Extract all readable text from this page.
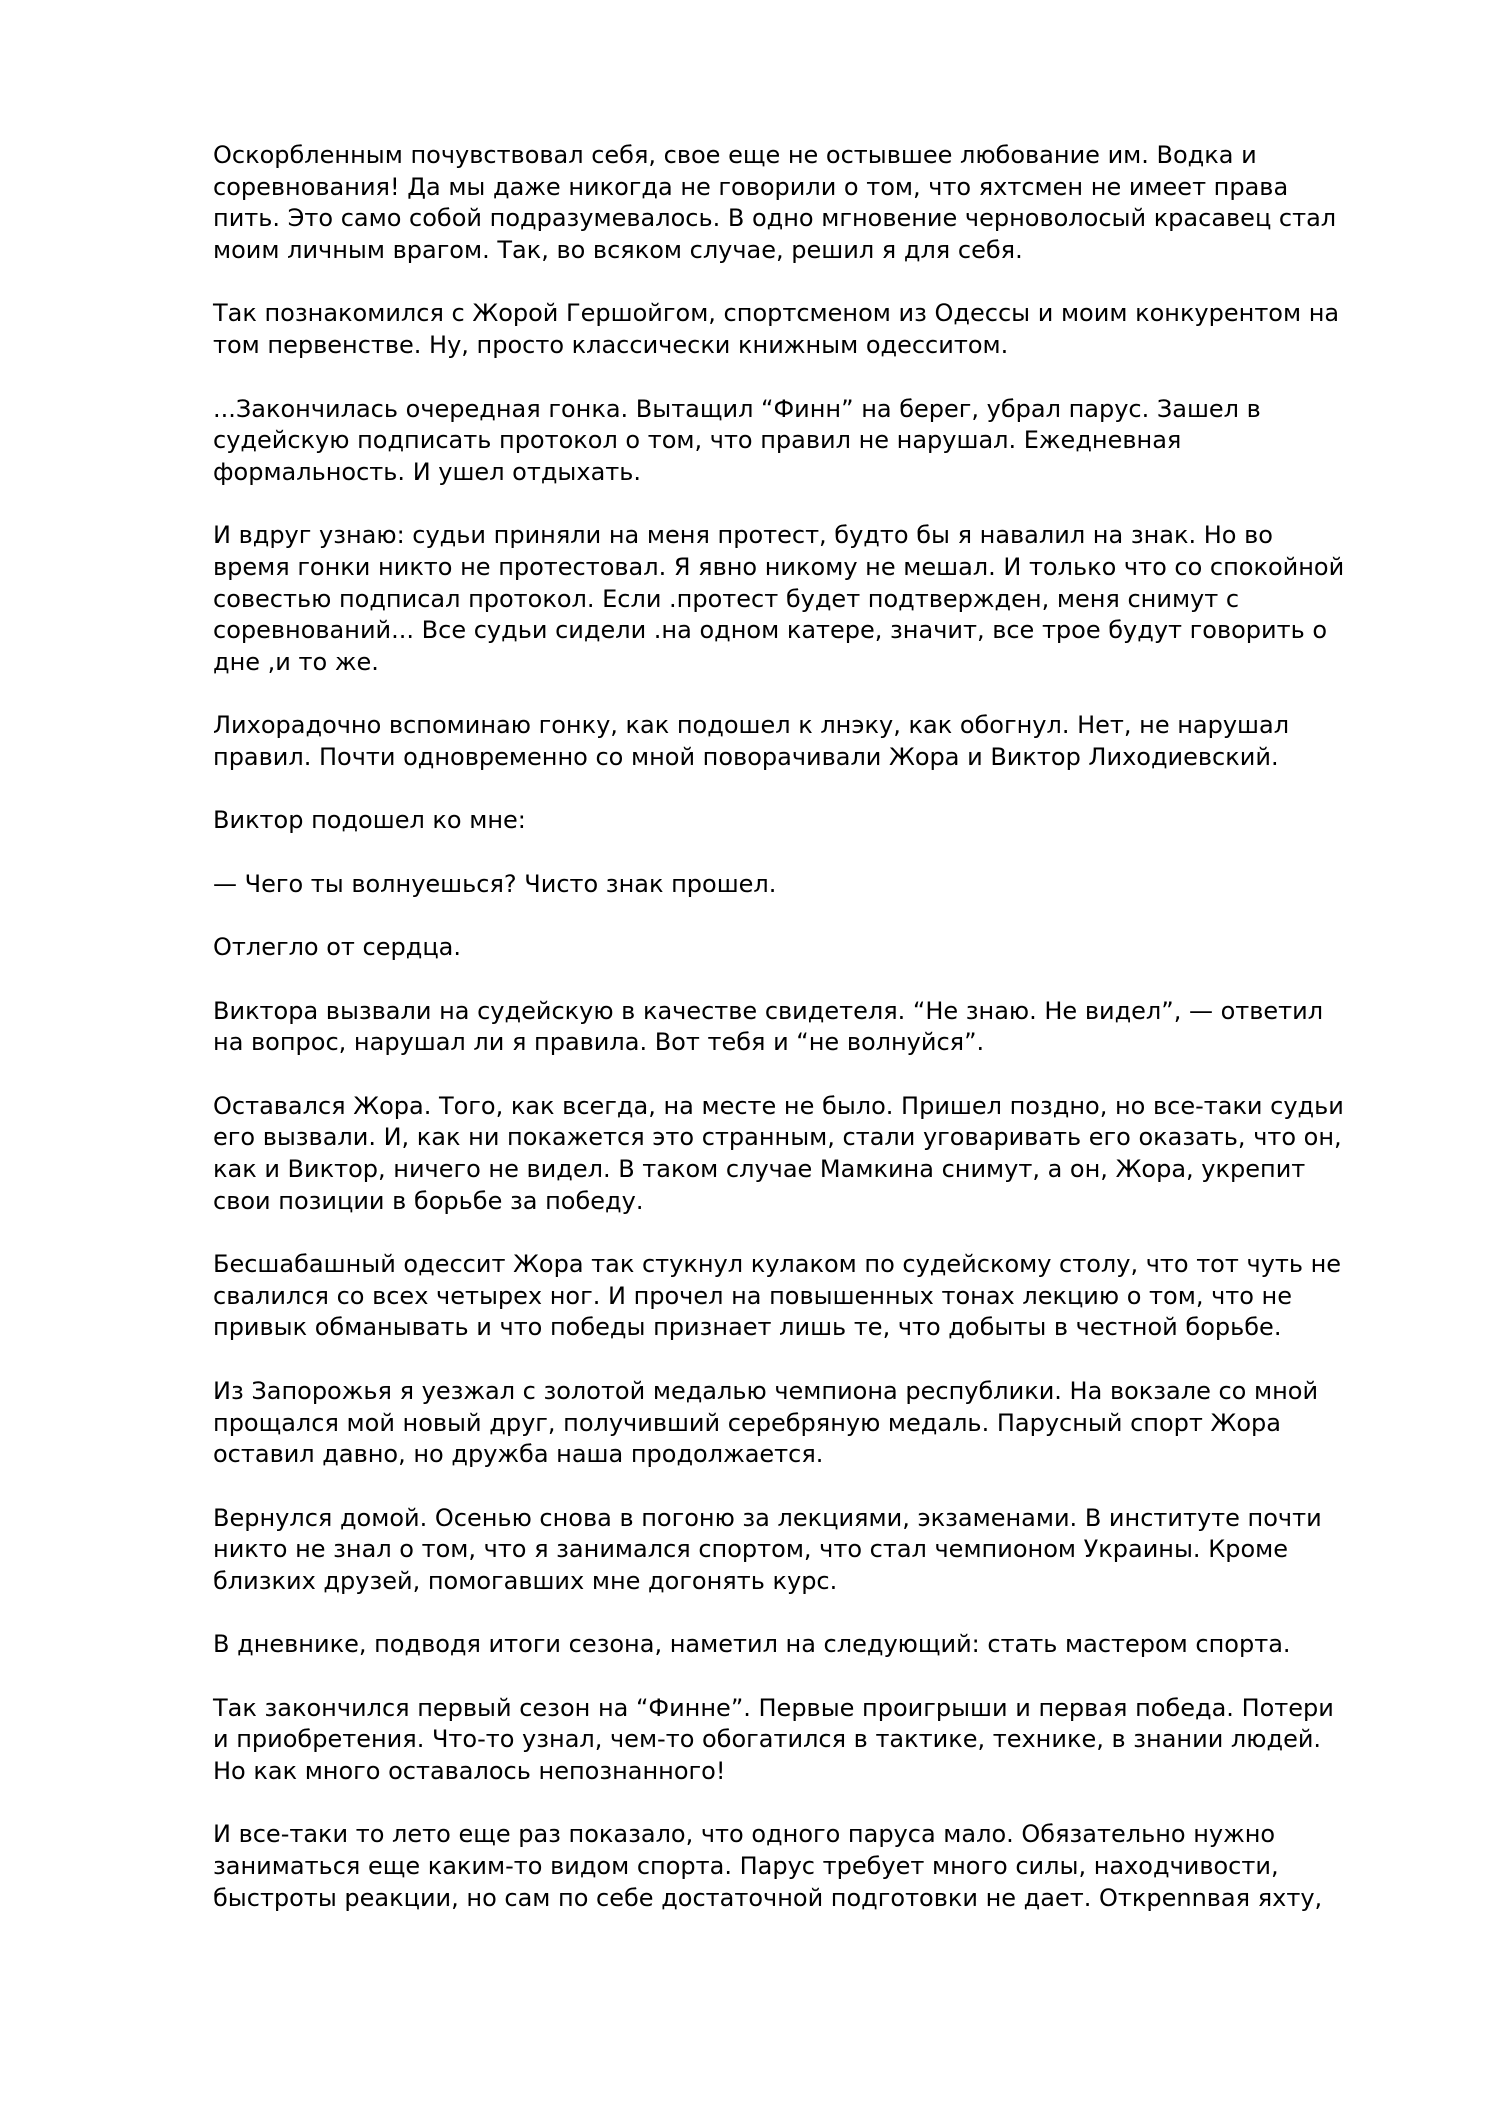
Оскорбленным почувствовал себя, свое еще не остывшее любование им. Водка и
соревнования! Да мы даже никогда не говорили о том, что яхтсмен не имеет права
пить. Это само собой подразумевалось. В одно мгновение черноволосый красавец стал
моим личным врагом. Так, во всяком случае, решил я для себя.

Так познакомился с Жорой Гершойгом, спортсменом из Одессы и моим конкурентом на
том первенстве. Ну, просто классически книжным одесситом.

...Закончилась очередная гонка. Вытащил “Финн” на берег, убрал парус. Зашел в
судейскую подписать протокол о том, что правил не нарушал. Ежедневная
формальность. И ушел отдыхать.

И вдруг узнаю: судьи приняли на меня протест, будто бы я навалил на знак. Но во
время гонки никто не протестовал. Я явно никому не мешал. И только что со спокойной
совестью подписал протокол. Если .протест будет подтвержден, меня снимут с
соревнований... Все судьи сидели .на одном катере, значит, все трое будут говорить о
дне ,и то же.

Лихорадочно вспоминаю гонку, как подошел к лнэку, как обогнул. Нет, не нарушал
правил. Почти одновременно со мной поворачивали Жора и Виктор Лиходиевский.

Виктор подошел ко мне:

— Чего ты волнуешься? Чисто знак прошел.

Отлегло от сердца.

Виктора вызвали на судейскую в качестве свидетеля. “Не знаю. Не видел”, — ответил
на вопрос, нарушал ли я правила. Вот тебя и “не волнуйся”.

Оставался Жора. Того, как всегда, на месте не было. Пришел поздно, но все-таки судьи
его вызвали. И, как ни покажется это странным, стали уговаривать его оказать, что он,
как и Виктор, ничего не видел. В таком случае Мамкина снимут, а он, Жора, укрепит
свои позиции в борьбе за победу.

Бесшабашный одессит Жора так стукнул кулаком по судейскому столу, что тот чуть не
свалился со всех четырех ног. И прочел на повышенных тонах лекцию о том, что не
привык обманывать и что победы признает лишь те, что добыты в честной борьбе.

Из Запорожья я уезжал с золотой медалью чемпиона республики. На вокзале со мной
прощался мой новый друг, получивший серебряную медаль. Парусный спорт Жора
оставил давно, но дружба наша продолжается.

Вернулся домой. Осенью снова в погоню за лекциями, экзаменами. В институте почти
никто не знал о том, что я занимался спортом, что стал чемпионом Украины. Кроме
близких друзей, помогавших мне догонять курс.

В дневнике, подводя итоги сезона, наметил на следующий: стать мастером спорта.

Так закончился первый сезон на “Финне”. Первые проигрыши и первая победа. Потери
и приобретения. Что-то узнал, чем-то обогатился в тактике, технике, в знании людей.
Но как много оставалось непознанного!

И все-таки то лето еще раз показало, что одного паруса мало. Обязательно нужно
заниматься еще каким-то видом спорта. Парус требует много силы, находчивости,
быстроты реакции, но сам по себе достаточной подготовки не дает. Открennвая яхту,
